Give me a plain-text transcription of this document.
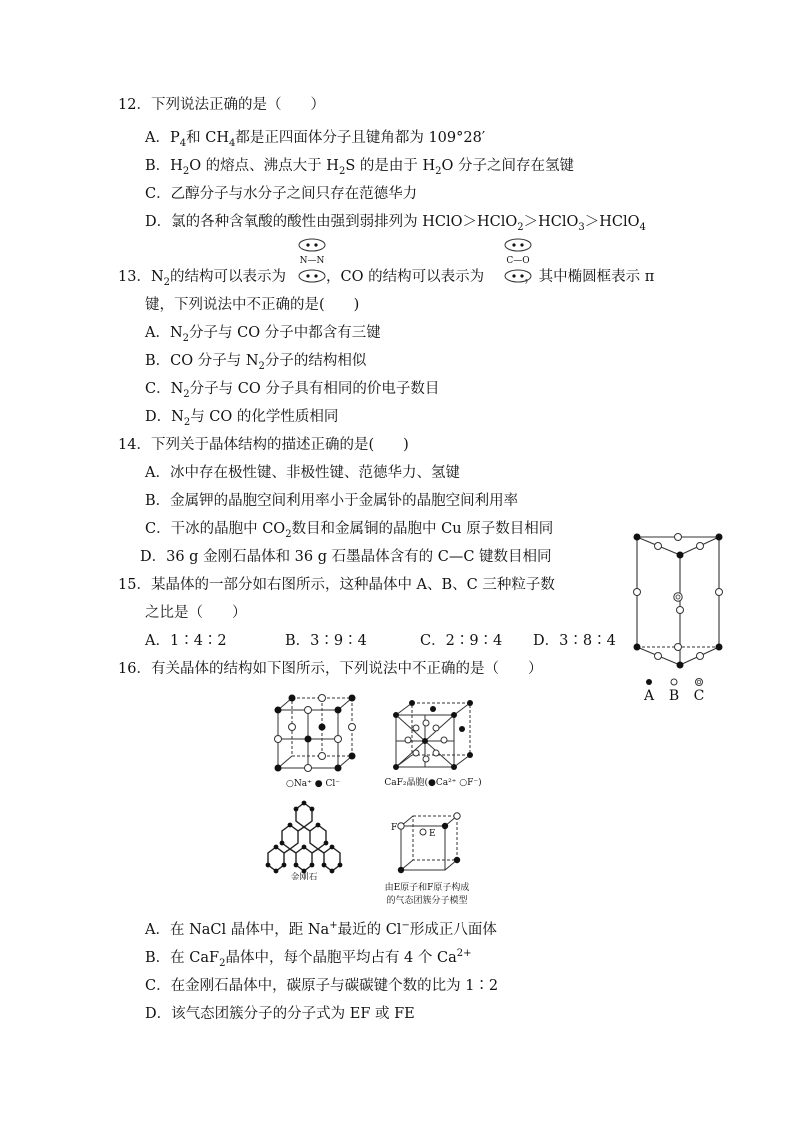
12．下列说法正确的是（　　）
A．$P_4$和 $CH_4$都是正四面体分子且键角都为 109°28′
B．$H_2O$ 的熔点、沸点大于 $H_2S$ 的是由于 $H_2O$ 分子之间存在氢键
C．乙醇分子与水分子之间只存在范德华力
D．氯的各种含氧酸的酸性由强到弱排列为 HClO＞HClO$_2$＞HClO$_3$＞HClO$_4$
13．$N_2$的结构可以表示为	，CO 的结构可以表示为	，其中椭圆框表示 π
N—N	C—O
键，下列说法中不正确的是(　　)
A．$N_2$分子与 CO 分子中都含有三键
B．CO 分子与 $N_2$分子的结构相似
C．$N_2$分子与 CO 分子具有相同的价电子数目
D．$N_2$与 CO 的化学性质相同
14．下列关于晶体结构的描述正确的是(　　)
A．冰中存在极性键、非极性键、范德华力、氢键
B．金属钾的晶胞空间利用率小于金属钋的晶胞空间利用率
C．干冰的晶胞中 $CO_2$数目和金属铜的晶胞中 Cu 原子数目相同
D．36 g 金刚石晶体和 36 g 石墨晶体含有的 C—C 键数目相同
15．某晶体的一部分如右图所示，这种晶体中 A、B、C 三种粒子数
之比是（　　）
A．1∶4∶2	B．3∶9∶4	C．2∶9∶4 D．3∶8∶4
A B C
16．有关晶体的结构如下图所示，下列说法中不正确的是（　　）
○Na⁺ ● Cl⁻	CaF₂晶胞(●Ca²⁺ ○F⁻)
金刚石
F
E
由E原子和F原子构成
的气态团簇分子模型
A．在 NaCl 晶体中，距 Na+最近的 Cl−形成正八面体
B．在 CaF$_2$晶体中，每个晶胞平均占有 4 个 $Ca^{2+}$
C．在金刚石晶体中，碳原子与碳碳键个数的比为 1∶2
D．该气态团簇分子的分子式为 EF 或 FE
